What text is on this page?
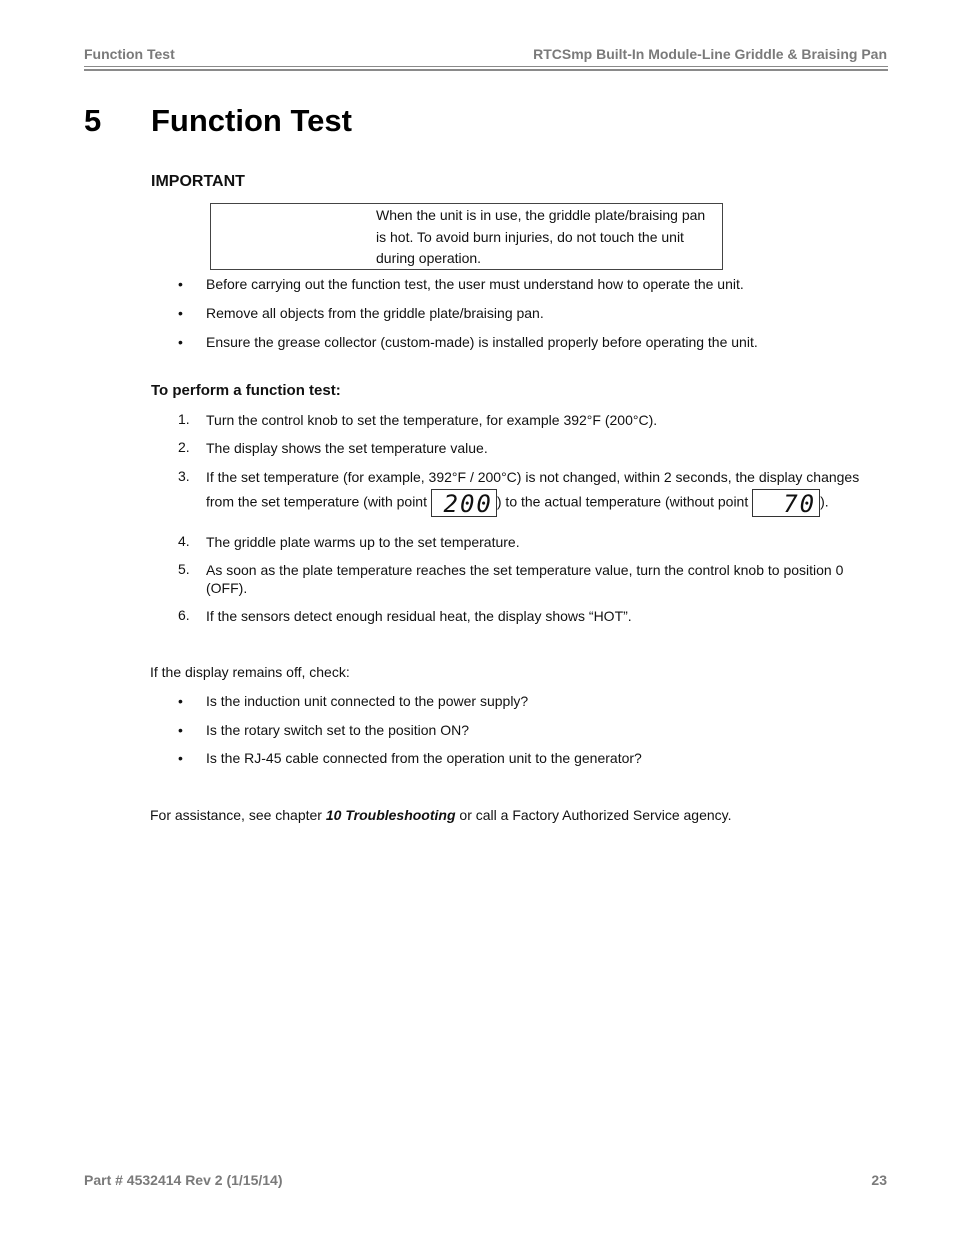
Function Test	RTCSmp Built-In Module-Line Griddle & Braising Pan
5 Function Test
IMPORTANT
When the unit is in use, the griddle plate/braising pan is hot. To avoid burn injuries, do not touch the unit during operation.
• Before carrying out the function test, the user must understand how to operate the unit.
• Remove all objects from the griddle plate/braising pan.
• Ensure the grease collector (custom-made) is installed properly before operating the unit.
To perform a function test:
1. Turn the control knob to set the temperature, for example 392°F (200°C).
2. The display shows the set temperature value.
3. If the set temperature (for example, 392°F / 200°C) is not changed, within 2 seconds, the display changes
from the set temperature (with point 200 ) to the actual temperature (without point 70 ).
4. The griddle plate warms up to the set temperature.
5. As soon as the plate temperature reaches the set temperature value, turn the control knob to position 0 (OFF).
6. If the sensors detect enough residual heat, the display shows “HOT”.
If the display remains off, check:
• Is the induction unit connected to the power supply?
• Is the rotary switch set to the position ON?
• Is the RJ-45 cable connected from the operation unit to the generator?
For assistance, see chapter 10 Troubleshooting or call a Factory Authorized Service agency.
Part # 4532414 Rev 2 (1/15/14)	23
